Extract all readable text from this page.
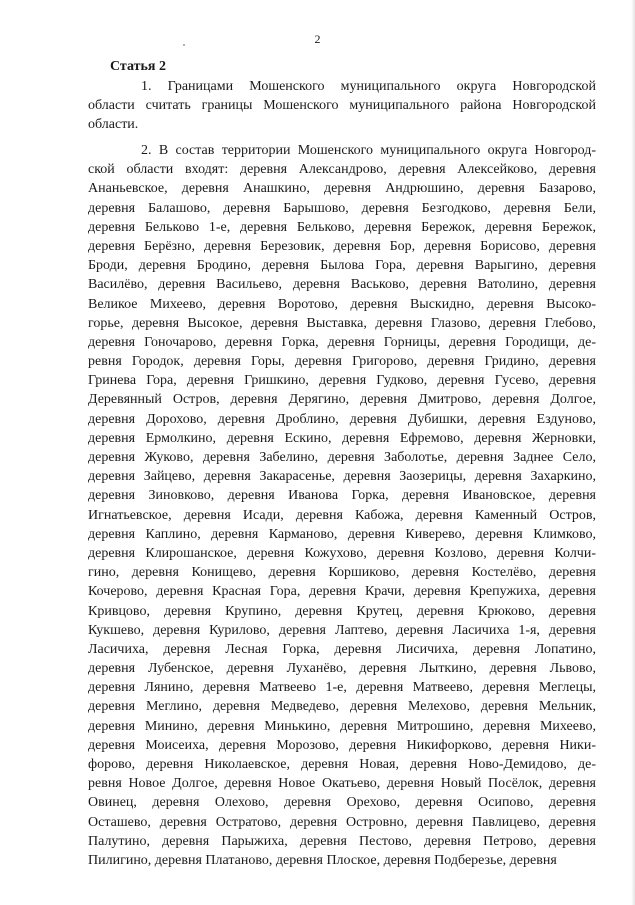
2
Статья 2
1. Границами Мошенского муниципального округа Новгородской
области считать границы Мошенского муниципального района Новгородской
области.
2. В состав территории Мошенского муниципального округа Новгород-
ской области входят: деревня Александрово, деревня Алексейково, деревня
Ананьевское, деревня Анашкино, деревня Андрюшино, деревня Базарово,
деревня Балашово, деревня Барышово, деревня Безгодково, деревня Бели,
деревня Бельково 1-е, деревня Бельково, деревня Бережок, деревня Бережок,
деревня Берёзно, деревня Березовик, деревня Бор, деревня Борисово, деревня
Броди, деревня Бродино, деревня Былова Гора, деревня Варыгино, деревня
Василёво, деревня Васильево, деревня Васьково, деревня Ватолино, деревня
Великое Михеево, деревня Воротово, деревня Выскидно, деревня Высоко-
горье, деревня Высокое, деревня Выставка, деревня Глазово, деревня Глебово,
деревня Гоночарово, деревня Горка, деревня Горницы, деревня Городищи, де-
ревня Городок, деревня Горы, деревня Григорово, деревня Гридино, деревня
Гринева Гора, деревня Гришкино, деревня Гудково, деревня Гусево, деревня
Деревянный Остров, деревня Дерягино, деревня Дмитрово, деревня Долгое,
деревня Дорохово, деревня Дроблино, деревня Дубишки, деревня Ездуново,
деревня Ермолкино, деревня Ескино, деревня Ефремово, деревня Жерновки,
деревня Жуково, деревня Забелино, деревня Заболотье, деревня Заднее Село,
деревня Зайцево, деревня Закарасенье, деревня Заозерицы, деревня Захаркино,
деревня Зиновково, деревня Иванова Горка, деревня Ивановское, деревня
Игнатьевское, деревня Исади, деревня Кабожа, деревня Каменный Остров,
деревня Каплино, деревня Карманово, деревня Киверево, деревня Климково,
деревня Клирошанское, деревня Кожухово, деревня Козлово, деревня Колчи-
гино, деревня Конищево, деревня Коршиково, деревня Костелёво, деревня
Кочерово, деревня Красная Гора, деревня Крачи, деревня Крепужиха, деревня
Кривцово, деревня Крупино, деревня Крутец, деревня Крюково, деревня
Кукшево, деревня Курилово, деревня Лаптево, деревня Ласичиха 1-я, деревня
Ласичиха, деревня Лесная Горка, деревня Лисичиха, деревня Лопатино,
деревня Лубенское, деревня Луханёво, деревня Лыткино, деревня Львово,
деревня Лянино, деревня Матвеево 1-е, деревня Матвеево, деревня Меглецы,
деревня Меглино, деревня Медведево, деревня Мелехово, деревня Мельник,
деревня Минино, деревня Минькино, деревня Митрошино, деревня Михеево,
деревня Моисеиха, деревня Морозово, деревня Никифорково, деревня Ники-
форово, деревня Николаевское, деревня Новая, деревня Ново-Демидово, де-
ревня Новое Долгое, деревня Новое Окатьево, деревня Новый Посёлок, деревня
Овинец, деревня Олехово, деревня Орехово, деревня Осипово, деревня
Осташево, деревня Остратово, деревня Островно, деревня Павлицево, деревня
Палутино, деревня Парыжиха, деревня Пестово, деревня Петрово, деревня
Пилигино, деревня Платаново, деревня Плоское, деревня Подберезье, деревня
